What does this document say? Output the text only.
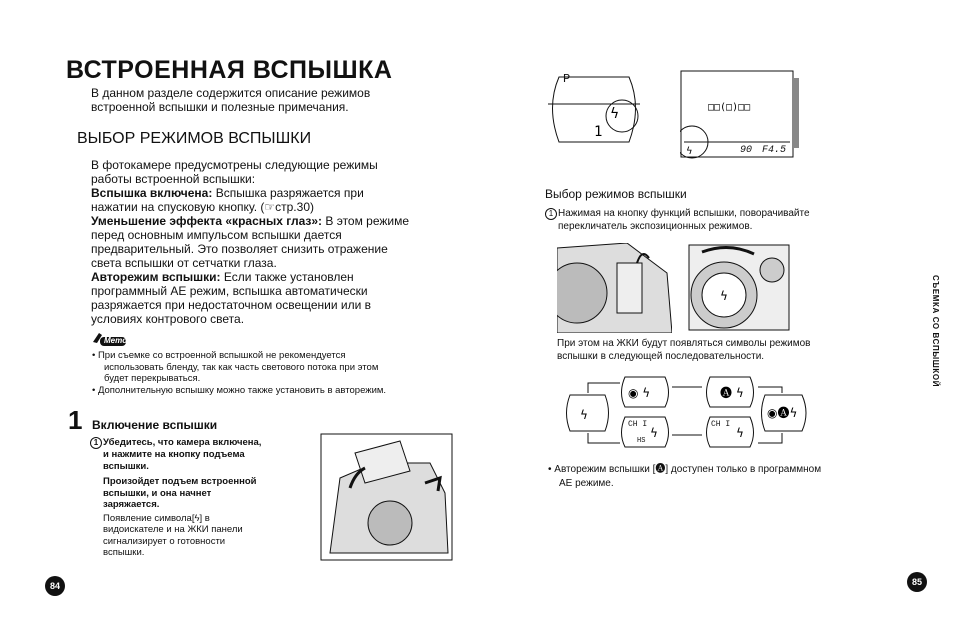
ВСТРОЕННАЯ ВСПЫШКА
В данном разделе содержится описание режимов
встроенной вспышки и полезные примечания.
ВЫБОР РЕЖИМОВ ВСПЫШКИ
В фотокамере предусмотрены следующие режимы
работы встроенной вспышки:
Вспышка включена: Вспышка разряжается при
нажатии на спусковую кнопку. (☞стр.30)
Уменьшение эффекта «красных глаз»: В этом режиме
перед основным импульсом вспышки дается
предварительный. Это позволяет снизить отражение
света вспышки от сетчатки глаза.
Авторежим вспышки: Если также установлен
программный AE режим, вспышка автоматически
разряжается при недостаточном освещении или в
условиях контрового света.
Memo
• При съемке со встроенной вспышкой не рекомендуется
использовать бленду, так как часть светового потока при этом
будет перекрываться.
• Дополнительную вспышку можно также установить в авторежим.
1 Включение вспышки
1 Убедитесь, что камера включена,
и нажмите на кнопку подъема
вспышки.
Произойдет подъем встроенной
вспышки, и она начнет
заряжается.
Появление символа[ϟ] в
видоискателе и на ЖКИ панели
сигнализирует о готовности
вспышки.
84	85
СЪЕМКА СО ВСПЫШКОЙ
ϟ
1
P
□□(□)□□
ϟ	90 F4.5
Выбор режимов вспышки
1 Нажимая на кнопку функций вспышки, поворачивайте
перекличатель экспозиционных режимов.
ϟ
При этом на ЖКИ будут появляться символы режимов
вспышки в следующей последовательности.
◉ ϟ	🅐 ϟ
ϟ	◉🅐ϟ
ϟ	ϟ
CH I	CH I
HS
• Авторежим вспышки [🅐] доступен только в программном
AE режиме.
